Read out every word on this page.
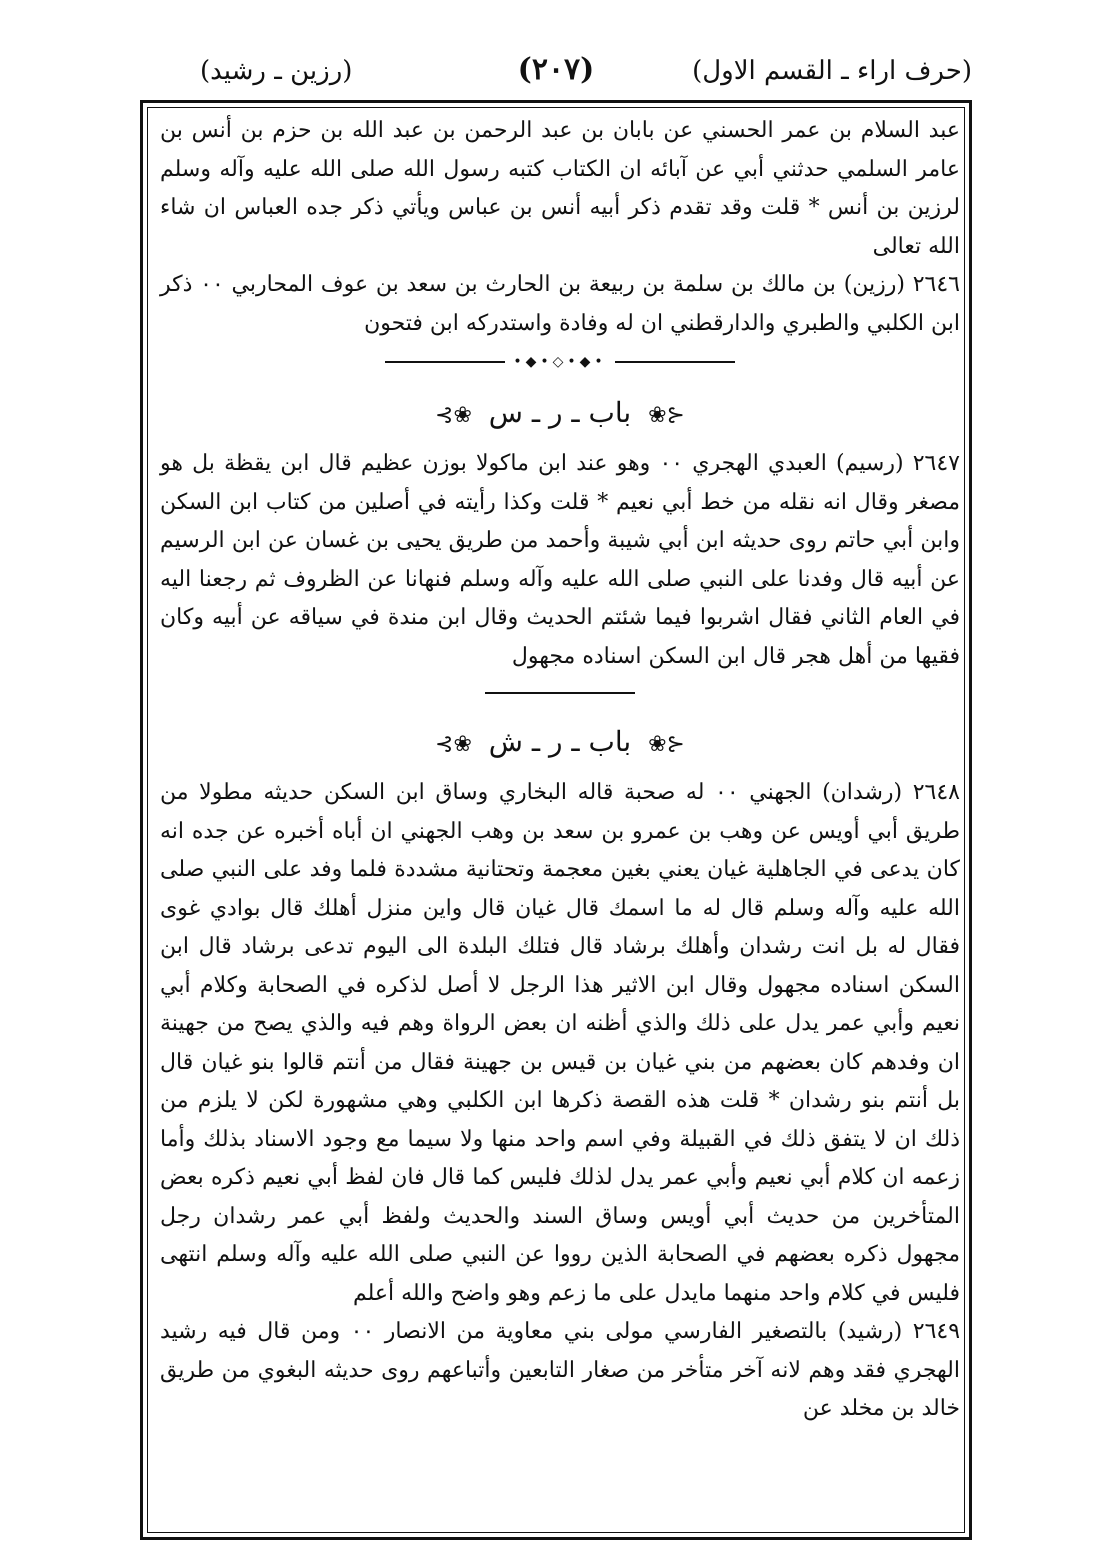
(حرف اراء ـ القسم الاول)
(٢٠٧)
(رزين ـ رشيد)

عبد السلام بن عمر الحسني عن بابان بن عبد الرحمن بن عبد الله بن حزم بن أنس بن عامر السلمي حدثني أبي عن آبائه ان الكتاب كتبه رسول الله صلى الله عليه وآله وسلم لرزين بن أنس * قلت وقد تقدم ذكر أبيه أنس بن عباس ويأتي ذكر جده العباس ان شاء الله تعالى

٢٦٤٦ (رزين) بن مالك بن سلمة بن ربيعة بن الحارث بن سعد بن عوف المحاربي ٠٠ ذكر ابن الكلبي والطبري والدارقطني ان له وفادة واستدركه ابن فتحون

•◆•◇•◆•
⊰❀ باب ـ ر ـ س ❀⊱

٢٦٤٧ (رسيم) العبدي الهجري ٠٠ وهو عند ابن ماكولا بوزن عظيم قال ابن يقظة بل هو مصغر وقال انه نقله من خط أبي نعيم * قلت وكذا رأيته في أصلين من كتاب ابن السكن وابن أبي حاتم روى حديثه ابن أبي شيبة وأحمد من طريق يحيى بن غسان عن ابن الرسيم عن أبيه قال وفدنا على النبي صلى الله عليه وآله وسلم فنهانا عن الظروف ثم رجعنا اليه في العام الثاني فقال اشربوا فيما شئتم الحديث وقال ابن مندة في سياقه عن أبيه وكان فقيها من أهل هجر قال ابن السكن اسناده مجهول

⊰❀ باب ـ ر ـ ش ❀⊱

٢٦٤٨ (رشدان) الجهني ٠٠ له صحبة قاله البخاري وساق ابن السكن حديثه مطولا من طريق أبي أويس عن وهب بن عمرو بن سعد بن وهب الجهني ان أباه أخبره عن جده انه كان يدعى في الجاهلية غيان يعني بغين معجمة وتحتانية مشددة فلما وفد على النبي صلى الله عليه وآله وسلم قال له ما اسمك قال غيان قال واين منزل أهلك قال بوادي غوى فقال له بل انت رشدان وأهلك برشاد قال فتلك البلدة الى اليوم تدعى برشاد قال ابن السكن اسناده مجهول وقال ابن الاثير هذا الرجل لا أصل لذكره في الصحابة وكلام أبي نعيم وأبي عمر يدل على ذلك والذي أظنه ان بعض الرواة وهم فيه والذي يصح من جهينة ان وفدهم كان بعضهم من بني غيان بن قيس بن جهينة فقال من أنتم قالوا بنو غيان قال بل أنتم بنو رشدان * قلت هذه القصة ذكرها ابن الكلبي وهي مشهورة لكن لا يلزم من ذلك ان لا يتفق ذلك في القبيلة وفي اسم واحد منها ولا سيما مع وجود الاسناد بذلك وأما زعمه ان كلام أبي نعيم وأبي عمر يدل لذلك فليس كما قال فان لفظ أبي نعيم ذكره بعض المتأخرين من حديث أبي أويس وساق السند والحديث ولفظ أبي عمر رشدان رجل مجهول ذكره بعضهم في الصحابة الذين رووا عن النبي صلى الله عليه وآله وسلم انتهى فليس في كلام واحد منهما مايدل على ما زعم وهو واضح والله أعلم

٢٦٤٩ (رشيد) بالتصغير الفارسي مولى بني معاوية من الانصار ٠٠ ومن قال فيه رشيد الهجري فقد وهم لانه آخر متأخر من صغار التابعين وأتباعهم روى حديثه البغوي من طريق خالد بن مخلد عن
